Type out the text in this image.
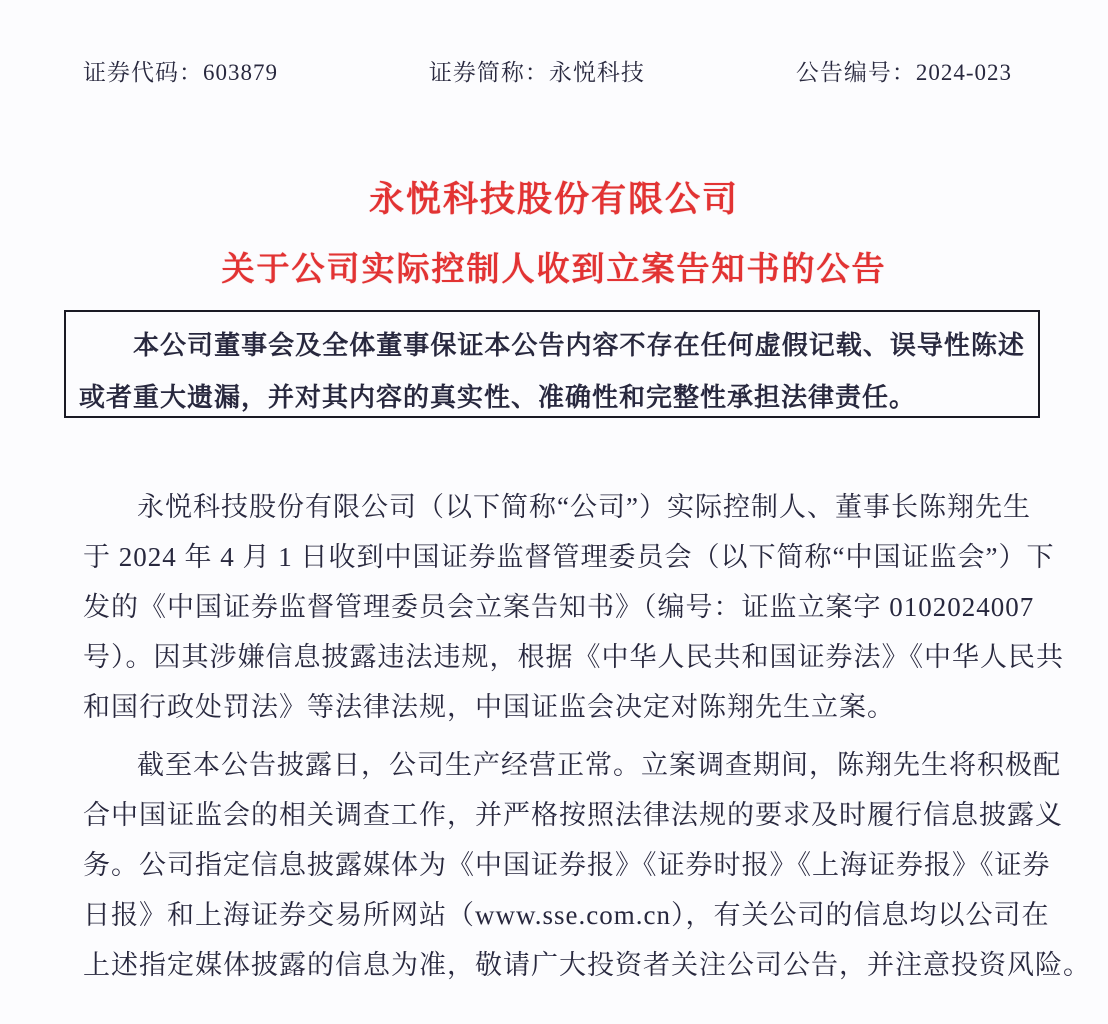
证券代码：603879	证券简称：永悦科技	公告编号：2024-023
永悦科技股份有限公司
关于公司实际控制人收到立案告知书的公告
本公司董事会及全体董事保证本公告内容不存在任何虚假记载、误导性陈述
或者重大遗漏，并对其内容的真实性、准确性和完整性承担法律责任。
永悦科技股份有限公司（以下简称“公司”）实际控制人、董事长陈翔先生
于 2024 年 4 月 1 日收到中国证券监督管理委员会（以下简称“中国证监会”）下
发的《中国证券监督管理委员会立案告知书》（编号：证监立案字 0102024007
号）。因其涉嫌信息披露违法违规，根据《中华人民共和国证券法》《中华人民共
和国行政处罚法》等法律法规，中国证监会决定对陈翔先生立案。
截至本公告披露日，公司生产经营正常。立案调查期间，陈翔先生将积极配
合中国证监会的相关调查工作，并严格按照法律法规的要求及时履行信息披露义
务。公司指定信息披露媒体为《中国证券报》《证券时报》《上海证券报》《证券
日报》和上海证券交易所网站（www.sse.com.cn），有关公司的信息均以公司在
上述指定媒体披露的信息为准，敬请广大投资者关注公司公告，并注意投资风险。
